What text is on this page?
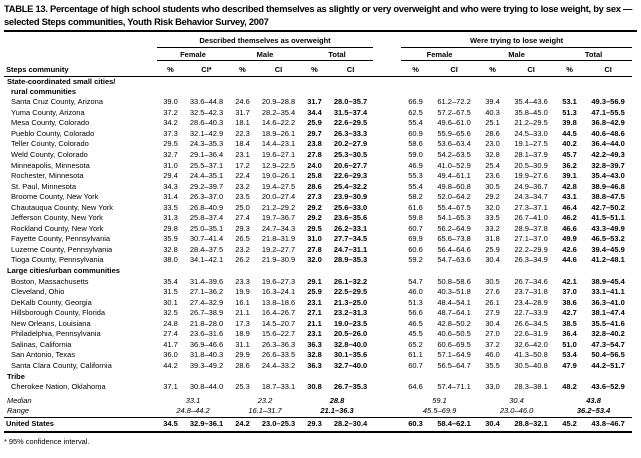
TABLE 13. Percentage of high school students who described themselves as slightly or very overweight and who were trying to lose weight, by sex — selected Steps communities, Youth Risk Behavior Survey, 2007
	Described themselves as overweight							Were trying to lose weight					
	Female		Male		Total			Female		Male		Total	
Steps community	%	CI*	%	CI	%	CI		%	CI	%	CI	%	CI

State-coordinated small cities/
rural communities													

Santa Cruz County, Arizona	39.0	33.6–44.8	24.6	20.9–28.8	31.7	28.0–35.7		66.9	61.2–72.2	39.4	35.4–43.6	53.1	49.3–56.9
Yuma County, Arizona	37.2	32.5–42.3	31.7	28.2–35.4	34.4	31.5–37.4		62.5	57.2–67.5	40.3	35.8–45.0	51.3	47.1–55.5
Mesa County, Colorado	34.2	28.6–40.3	18.1	14.6–22.2	25.9	22.6–29.5		55.4	49.6–61.0	25.1	21.2–29.5	39.8	36.8–42.9
Pueblo County, Colorado	37.3	32.1–42.9	22.3	18.9–26.1	29.7	26.3–33.3		60.9	55.9–65.6	28.6	24.5–33.0	44.5	40.6–48.6
Teller County, Colorado	29.5	24.3–35.3	18.4	14.4–23.1	23.8	20.2–27.9		58.6	53.6–63.4	23.0	19.1–27.5	40.2	36.4–44.0
Weld County, Colorado	32.7	29.1–36.4	23.1	19.6–27.1	27.8	25.3–30.5		59.0	54.2–63.5	32.8	28.1–37.9	45.7	42.2–49.3
Minneapolis, Minnesota	31.0	25.5–37.1	17.2	12.9–22.5	24.0	20.6–27.7		46.9	41.0–52.9	25.4	20.5–30.9	36.2	32.8–39.7
Rochester, Minnesota	29.4	24.4–35.1	22.4	19.0–26.1	25.8	22.6–29.3		55.3	49.4–61.1	23.6	19.9–27.6	39.1	35.4–43.0
St. Paul, Minnesota	34.3	29.2–39.7	23.2	19.4–27.5	28.6	25.4–32.2		55.4	49.8–60.8	30.5	24.9–36.7	42.8	38.9–46.8
Broome County, New York	31.4	26.3–37.0	23.5	20.0–27.4	27.3	23.9–30.9		58.2	52.0–64.2	29.2	24.3–34.7	43.1	38.8–47.5
Chautauqua County, New York	33.5	26.8–40.9	25.0	21.2–29.2	29.2	25.6–33.0		61.6	55.4–67.5	32.0	27.3–37.1	46.4	42.7–50.2
Jefferson County, New York	31.3	25.8–37.4	27.4	19.7–36.7	29.2	23.6–35.6		59.8	54.1–65.3	33.5	26.7–41.0	46.2	41.5–51.1
Rockland County, New York	29.8	25.0–35.1	29.3	24.7–34.3	29.5	26.2–33.1		60.7	56.2–64.9	33.2	28.9–37.8	46.6	43.3–49.9
Fayette County, Pennsylvania	35.9	30.7–41.4	26.5	21.8–31.9	31.0	27.7–34.5		69.9	65.6–73.8	31.8	27.1–37.0	49.9	46.5–53.2
Luzerne County, Pennsylvania	32.8	28.4–37.5	23.2	19.2–27.7	27.8	24.7–31.1		60.6	56.4–64.6	25.9	22.2–29.9	42.6	39.4–45.9
Tioga County, Pennsylvania	38.0	34.1–42.1	26.2	21.9–30.9	32.0	28.9–35.3		59.2	54.7–63.6	30.4	26.3–34.9	44.6	41.2–48.1

Large cities/urban communities													

Boston, Massachusetts	35.4	31.4–39.6	23.3	19.6–27.3	29.1	26.1–32.2		54.7	50.8–58.6	30.5	26.7–34.6	42.1	38.9–45.4
Cleveland, Ohio	31.5	27.1–36.2	19.9	16.3–24.1	25.9	22.5–29.5		46.0	40.3–51.8	27.6	23.7–31.8	37.0	33.1–41.1
DeKalb County, Georgia	30.1	27.4–32.9	16.1	13.8–18.6	23.1	21.3–25.0		51.3	48.4–54.1	26.1	23.4–28.9	38.6	36.3–41.0
Hillsborough County, Florida	32.5	26.7–38.9	21.1	16.4–26.7	27.1	23.2–31.3		56.6	48.7–64.1	27.9	22.7–33.9	42.7	38.1–47.4
New Orleans, Louisiana	24.8	21.8–28.0	17.3	14.5–20.7	21.1	19.0–23.5		46.5	42.8–50.2	30.4	26.6–34.5	38.5	35.5–41.6
Philadelphia, Pennsylvania	27.4	23.6–31.6	18.9	15.6–22.7	23.1	20.5–26.0		45.5	40.6–50.5	27.0	22.6–31.9	36.4	32.8–40.2
Salinas, California	41.7	36.9–46.6	31.1	26.3–36.3	36.3	32.8–40.0		65.2	60.6–69.5	37.2	32.6–42.0	51.0	47.3–54.7
San Antonio, Texas	36.0	31.8–40.3	29.9	26.6–33.5	32.8	30.1–35.6		61.1	57.1–64.9	46.0	41.3–50.8	53.4	50.4–56.5
Santa Clara County, California	44.2	39.3–49.2	28.6	24.4–33.2	36.3	32.7–40.0		60.7	56.5–64.7	35.5	30.5–40.8	47.9	44.2–51.7

Tribe													

Cherokee Nation, Oklahoma	37.1	30.8–44.0	25.3	18.7–33.1	30.8	26.7–35.3		64.6	57.4–71.1	33.0	28.3–38.1	48.2	43.6–52.9
Median	33.1		23.2		28.8			59.1		30.4		43.8	
Range	24.8–44.2		16.1–31.7		21.1–36.3			45.5–69.9		23.0–46.0		36.2–53.4	
United States	34.5	32.9–36.1	24.2	23.0–25.3	29.3	28.2–30.4		60.3	58.4–62.1	30.4	28.8–32.1	45.2	43.8–46.7
* 95% confidence interval.
